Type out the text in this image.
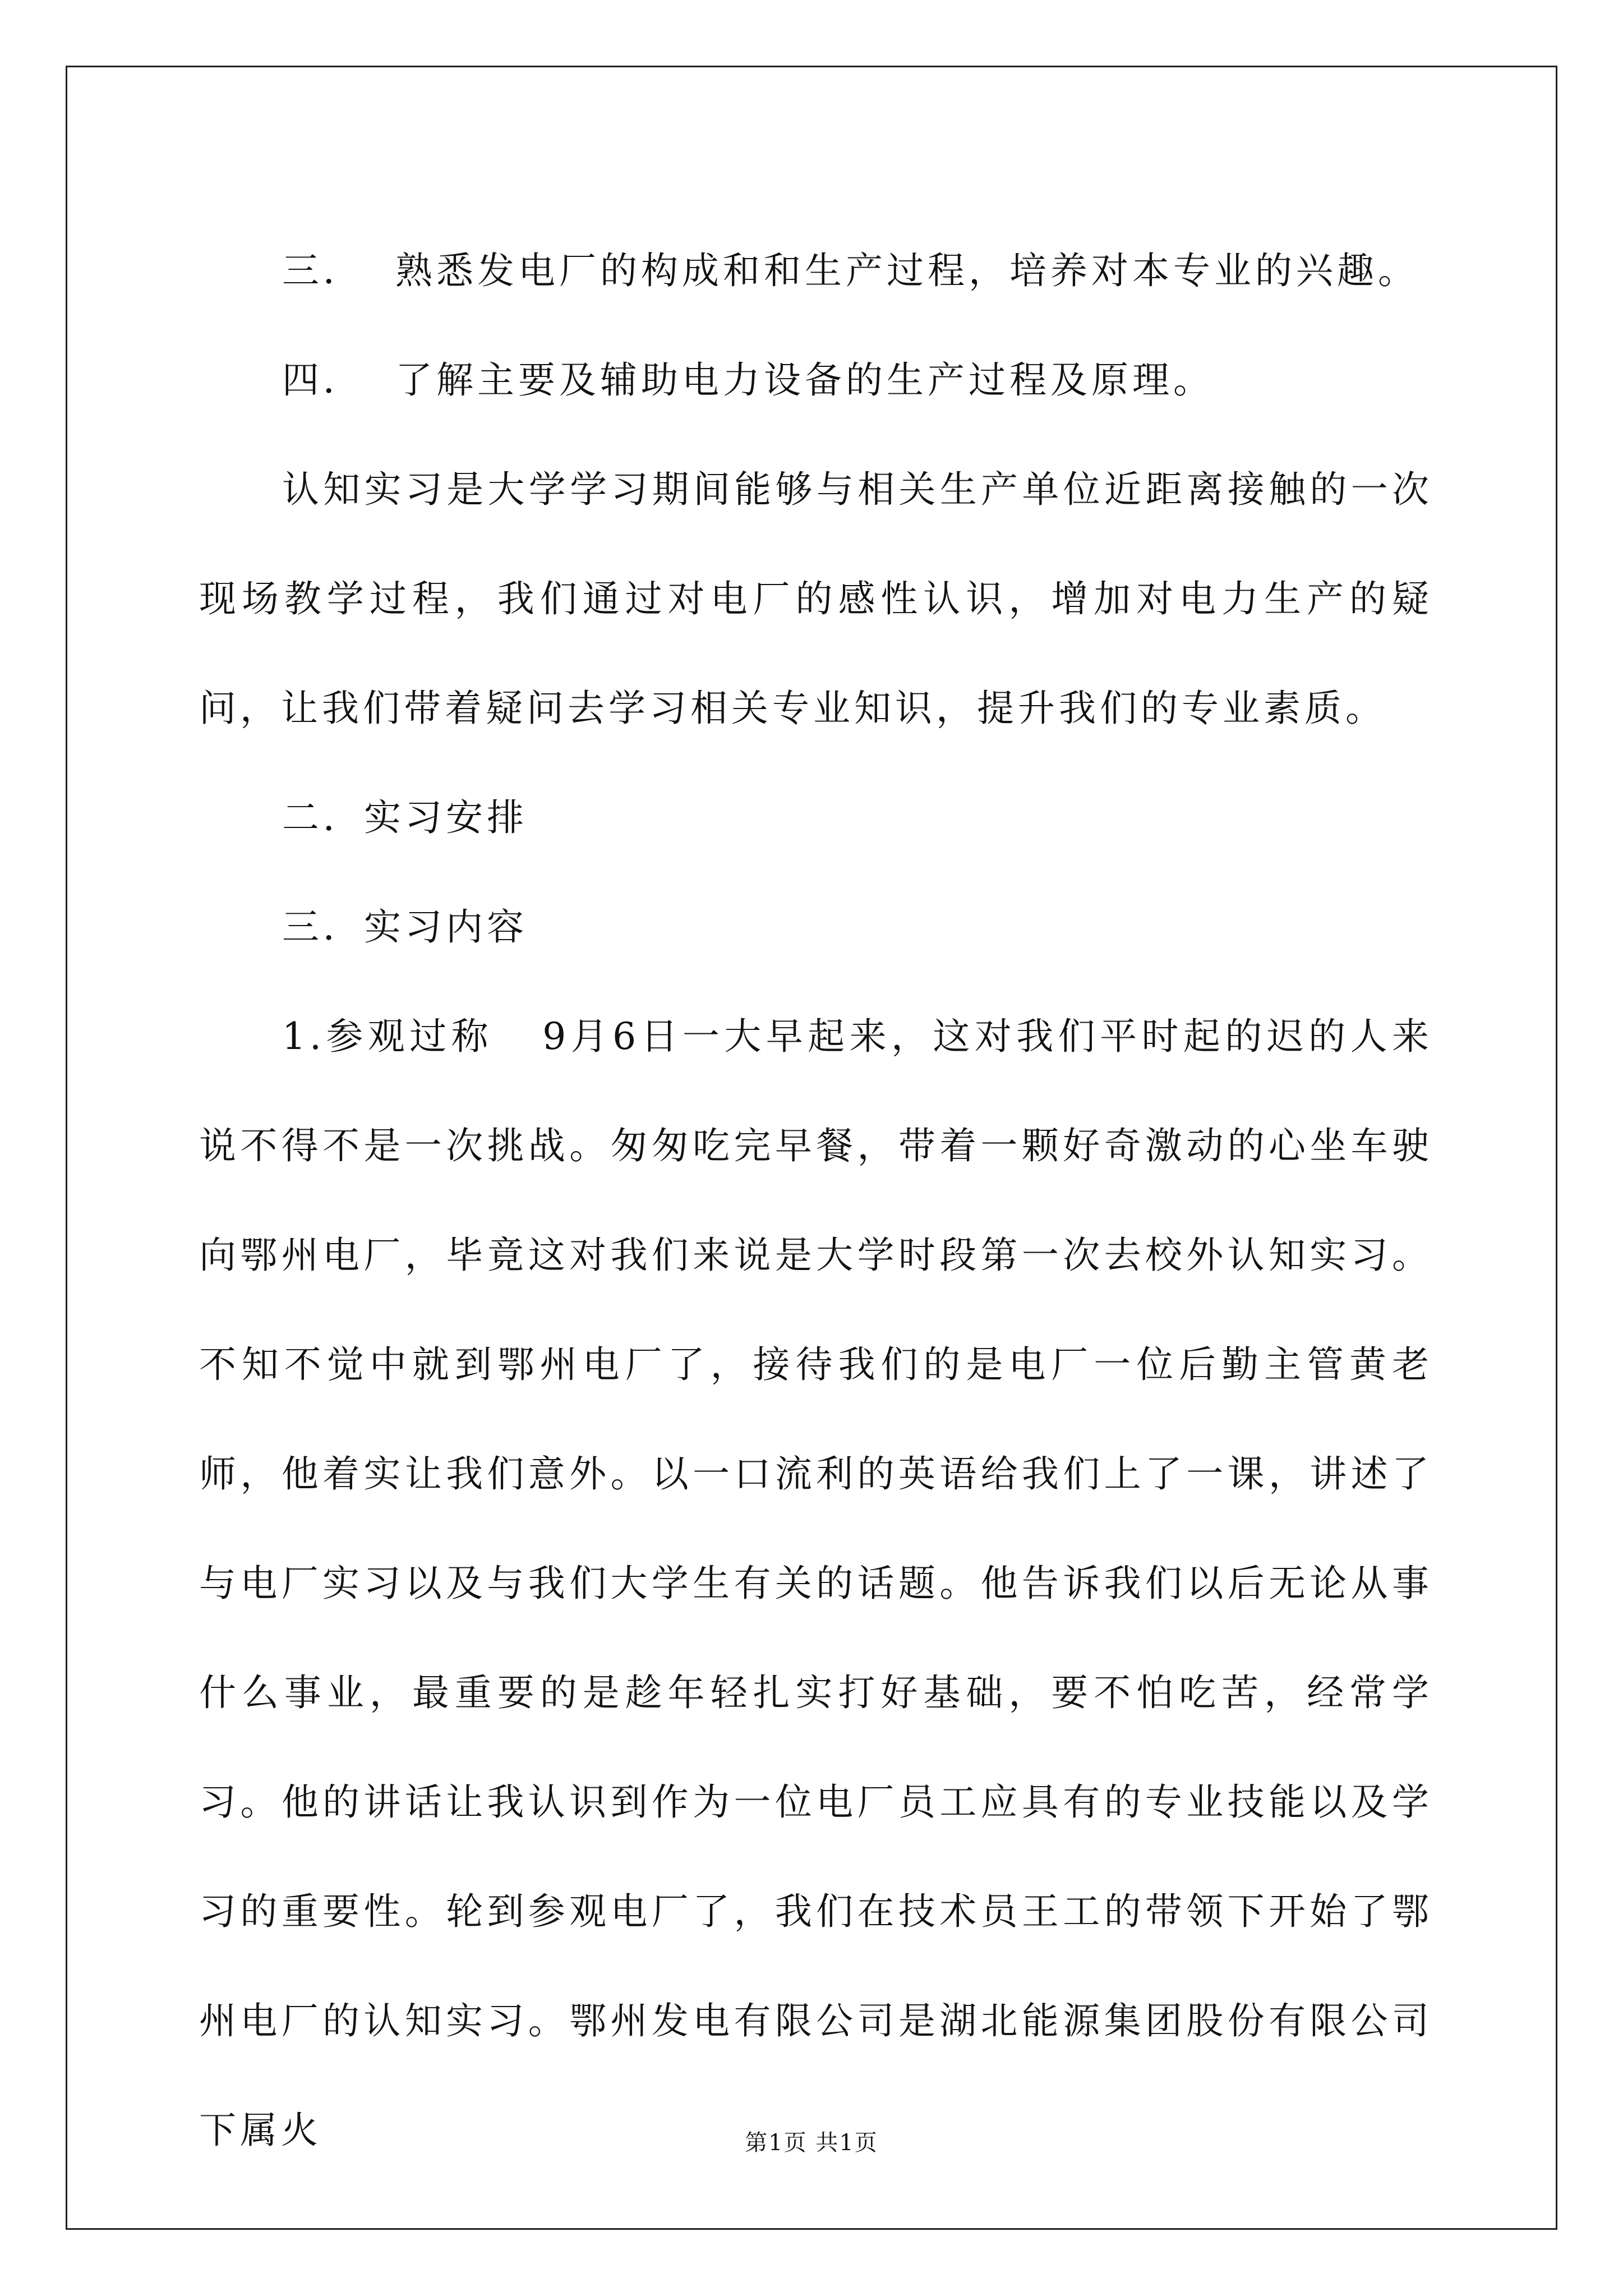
三．  熟悉发电厂的构成和和生产过程，培养对本专业的兴趣。

四．  了解主要及辅助电力设备的生产过程及原理。

认知实习是大学学习期间能够与相关生产单位近距离接触的一次现场教学过程，我们通过对电厂的感性认识，增加对电力生产的疑问，让我们带着疑问去学习相关专业知识，提升我们的专业素质。

二．实习安排

三．实习内容

1.参观过称   9月6日一大早起来，这对我们平时起的迟的人来说不得不是一次挑战。匆匆吃完早餐，带着一颗好奇激动的心坐车驶向鄂州电厂，毕竟这对我们来说是大学时段第一次去校外认知实习。不知不觉中就到鄂州电厂了，接待我们的是电厂一位后勤主管黄老师，他着实让我们意外。以一口流利的英语给我们上了一课，讲述了与电厂实习以及与我们大学生有关的话题。他告诉我们以后无论从事什么事业，最重要的是趁年轻扎实打好基础，要不怕吃苦，经常学习。他的讲话让我认识到作为一位电厂员工应具有的专业技能以及学习的重要性。轮到参观电厂了，我们在技术员王工的带领下开始了鄂州电厂的认知实习。鄂州发电有限公司是湖北能源集团股份有限公司下属火	第1页 共1页
